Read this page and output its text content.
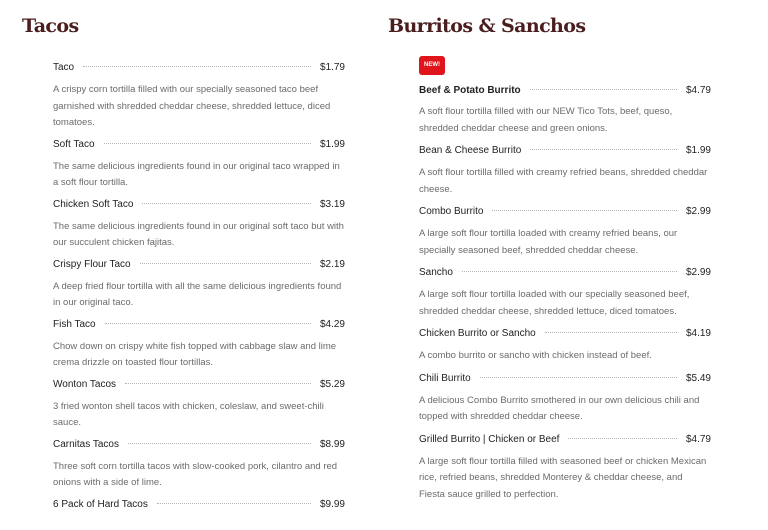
Tacos	Burritos & Sanchos
Taco	$1.79

A crispy corn tortilla filled with our specially seasoned taco beef garnished with shredded cheddar cheese, shredded lettuce, diced tomatoes.

Soft Taco	$1.99

The same delicious ingredients found in our original taco wrapped in a soft flour tortilla.

Chicken Soft Taco	$3.19

The same delicious ingredients found in our original soft taco but with our succulent chicken fajitas.

Crispy Flour Taco	$2.19

A deep fried flour tortilla with all the same delicious ingredients found in our original taco.

Fish Taco	$4.29

Chow down on crispy white fish topped with cabbage slaw and lime crema drizzle on toasted flour tortillas.

Wonton Tacos	$5.29

3 fried wonton shell tacos with chicken, coleslaw, and sweet-chili sauce.

Carnitas Tacos	$8.99

Three soft corn tortilla tacos with slow-cooked pork, cilantro and red onions with a side of lime.

6 Pack of Hard Tacos	$9.99
NEW!
Beef & Potato Burrito	$4.79

A soft flour tortilla filled with our NEW Tico Tots, beef, queso, shredded cheddar cheese and green onions.

Bean & Cheese Burrito	$1.99

A soft flour tortilla filled with creamy refried beans, shredded cheddar cheese.

Combo Burrito	$2.99

A large soft flour tortilla loaded with creamy refried beans, our specially seasoned beef, shredded cheddar cheese.

Sancho	$2.99

A large soft flour tortilla loaded with our specially seasoned beef, shredded cheddar cheese, shredded lettuce, diced tomatoes.

Chicken Burrito or Sancho	$4.19

A combo burrito or sancho with chicken instead of beef.

Chili Burrito	$5.49

A delicious Combo Burrito smothered in our own delicious chili and topped with shredded cheddar cheese.

Grilled Burrito | Chicken or Beef	$4.79

A large soft flour tortilla filled with seasoned beef or chicken Mexican rice, refried beans, shredded Monterey & cheddar cheese, and Fiesta sauce grilled to perfection.
